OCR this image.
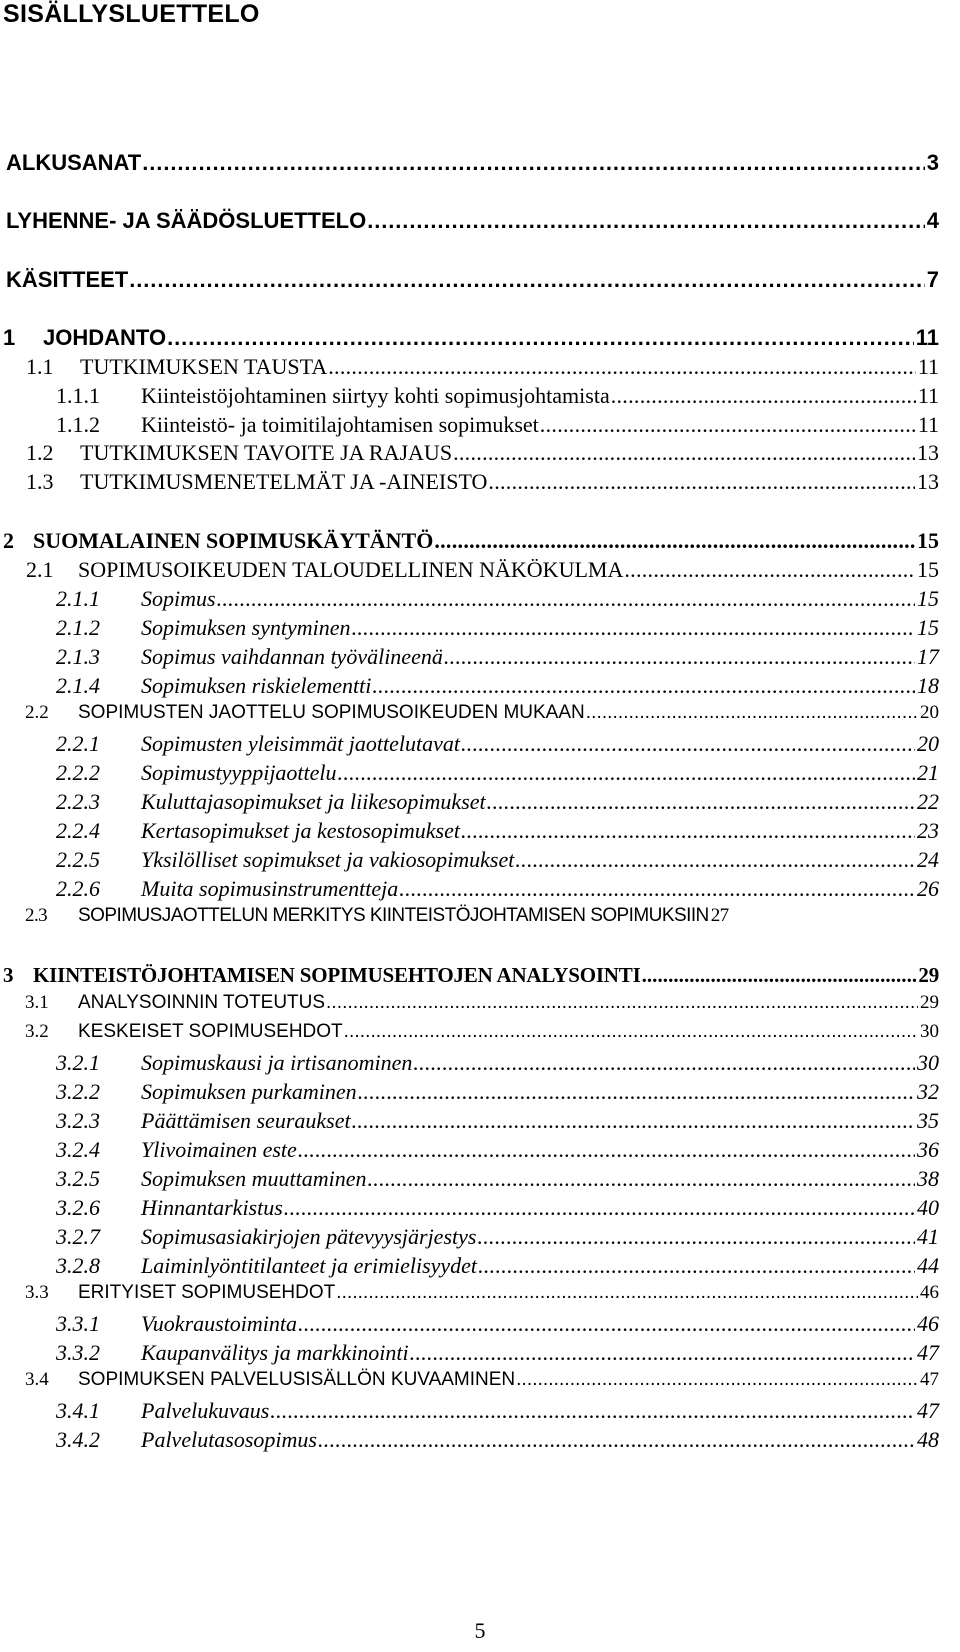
SISÄLLYSLUETTELO
ALKUSANAT . . .	3
LYHENNE- JA SÄÄDÖSLUETTELO . . .	4
KÄSITTEET . . .	7
1	JOHDANTO . . .	11
1.1	TUTKIMUKSEN TAUSTA . . .	11
1.1.1	Kiinteistöjohtaminen siirtyy kohti sopimusjohtamista . . .	11
1.1.2	Kiinteistö- ja toimitilajohtamisen sopimukset . . .	11
1.2	TUTKIMUKSEN TAVOITE JA RAJAUS . . .	13
1.3	TUTKIMUSMENETELMÄT JA -AINEISTO . . .	13
2 SUOMALAINEN SOPIMUSKÄYTÄNTÖ . . .	15
2.1	SOPIMUSOIKEUDEN TALOUDELLINEN NÄKÖKULMA . . .	15
2.1.1	Sopimus . . .	15
2.1.2	Sopimuksen syntyminen . . .	15
2.1.3	Sopimus vaihdannan työvälineenä . . .	17
2.1.4	Sopimuksen riskielementti . . .	18
2.2	SOPIMUSTEN JAOTTELU SOPIMUSOIKEUDEN MUKAAN . . .	20
2.2.1	Sopimusten yleisimmät jaottelutavat . . .	20
2.2.2	Sopimustyyppijaottelu . . .	21
2.2.3	Kuluttajasopimukset ja liikesopimukset . . .	22
2.2.4	Kertasopimukset ja kestosopimukset . . .	23
2.2.5	Yksilölliset sopimukset ja vakiosopimukset . . .	24
2.2.6	Muita sopimusinstrumentteja . . .	26
2.3	SOPIMUSJAOTTELUN MERKITYS KIINTEISTÖJOHTAMISEN SOPIMUKSIIN 27
3 KIINTEISTÖJOHTAMISEN SOPIMUSEHTOJEN ANALYSOINTI . . .	29
3.1	ANALYSOINNIN TOTEUTUS . . .	29
3.2	KESKEISET SOPIMUSEHDOT . . .	30
3.2.1	Sopimuskausi ja irtisanominen . . .	30
3.2.2	Sopimuksen purkaminen . . .	32
3.2.3	Päättämisen seuraukset . . .	35
3.2.4	Ylivoimainen este . . .	36
3.2.5	Sopimuksen muuttaminen . . .	38
3.2.6	Hinnantarkistus . . .	40
3.2.7	Sopimusasiakirjojen pätevyysjärjestys . . .	41
3.2.8	Laiminlyöntitilanteet ja erimielisyydet . . .	44
3.3	ERITYISET SOPIMUSEHDOT . . .	46
3.3.1	Vuokraustoiminta . . .	46
3.3.2	Kaupanvälitys ja markkinointi . . .	47
3.4	SOPIMUKSEN PALVELUSISÄLLÖN KUVAAMINEN . . .	47
3.4.1	Palvelukuvaus . . .	47
3.4.2	Palvelutasosopimus . . .	48
5
